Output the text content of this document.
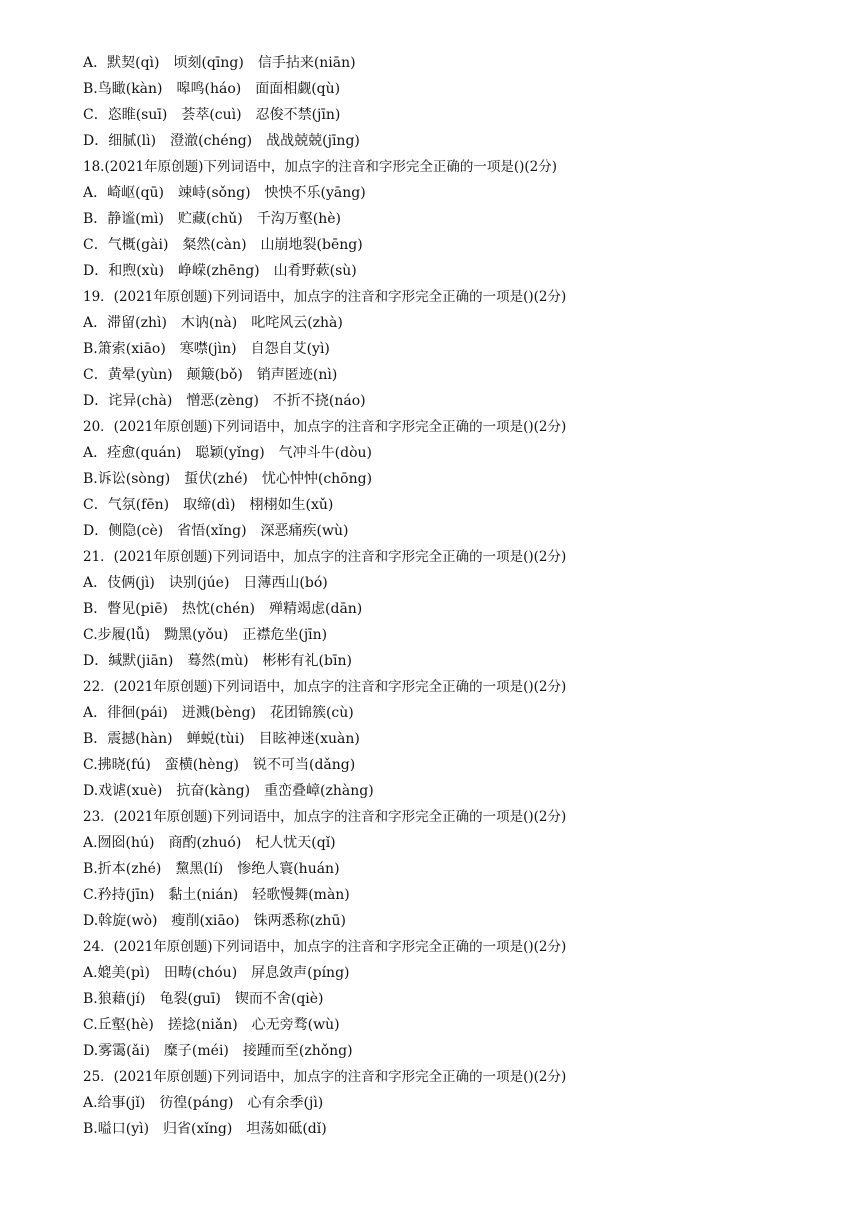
A．默契(qì)　顷刻(qīng)　信手拈来(niān)
B.鸟瞰(kàn)　嗥鸣(háo)　面面相觑(qù)
C．恣睢(suī)　荟萃(cuì)　忍俊不禁(jīn)
D．细腻(lì)　澄澈(chéng)　战战兢兢(jīng)
18.(2021年原创题)下列词语中，加点字的注音和字形完全正确的一项是()(2分)
A．崎岖(qū)　竦峙(sǒng)　怏怏不乐(yāng)
B．静谧(mì)　贮藏(chǔ)　千沟万壑(hè)
C．气概(gài)　粲然(càn)　山崩地裂(bēng)
D．和煦(xù)　峥嵘(zhēng)　山肴野蔌(sù)
19．(2021年原创题)下列词语中，加点字的注音和字形完全正确的一项是()(2分)
A．滞留(zhì)　木讷(nà)　叱咤风云(zhà)
B.箫索(xiāo)　寒噤(jìn)　自怨自艾(yì)
C．黄晕(yùn)　颠簸(bǒ)　销声匿迹(nì)
D．诧异(chà)　憎恶(zèng)　不折不挠(náo)
20．(2021年原创题)下列词语中，加点字的注音和字形完全正确的一项是()(2分)
A．痊愈(quán)　聪颖(yǐng)　气冲斗牛(dòu)
B.诉讼(sòng)　蜇伏(zhé)　忧心忡忡(chōng)
C．气氛(fēn)　取缔(dì)　栩栩如生(xǔ)
D．侧隐(cè)　省悟(xǐng)　深恶痛疾(wù)
21．(2021年原创题)下列词语中，加点字的注音和字形完全正确的一项是()(2分)
A．伎俩(jì)　诀别(júe)　日薄西山(bó)
B．瞥见(piē)　热忱(chén)　殚精竭虑(dān)
C.步履(lǚ)　黝黑(yǒu)　正襟危坐(jīn)
D．缄默(jiān)　蓦然(mù)　彬彬有礼(bīn)
22．(2021年原创题)下列词语中，加点字的注音和字形完全正确的一项是()(2分)
A．徘徊(pái)　迸溅(bèng)　花团锦簇(cù)
B．震撼(hàn)　蝉蜕(tùi)　目眩神迷(xuàn)
C.拂晓(fú)　蛮横(hèng)　锐不可当(dǎng)
D.戏谑(xuè)　抗奋(kàng)　重峦叠嶂(zhàng)
23．(2021年原创题)下列词语中，加点字的注音和字形完全正确的一项是()(2分)
A.囫囵(hú)　商酌(zhuó)　杞人忧天(qǐ)
B.折本(zhé)　黧黑(lí)　惨绝人寰(huán)
C.矜持(jīn)　黏土(nián)　轻歌慢舞(màn)
D.斡旋(wò)　瘦削(xiāo)　铢两悉称(zhū)
24．(2021年原创题)下列词语中，加点字的注音和字形完全正确的一项是()(2分)
A.媲美(pì)　田畴(chóu)　屏息敛声(píng)
B.狼藉(jí)　龟裂(guī)　锲而不舍(qiè)
C.丘壑(hè)　搓捻(niǎn)　心无旁骛(wù)
D.雾霭(ǎi)　糜子(méi)　接踵而至(zhǒng)
25．(2021年原创题)下列词语中，加点字的注音和字形完全正确的一项是()(2分)
A.给事(jǐ)　彷徨(páng)　心有余季(jì)
B.嗌口(yì)　归省(xǐng)　坦荡如砥(dǐ)
